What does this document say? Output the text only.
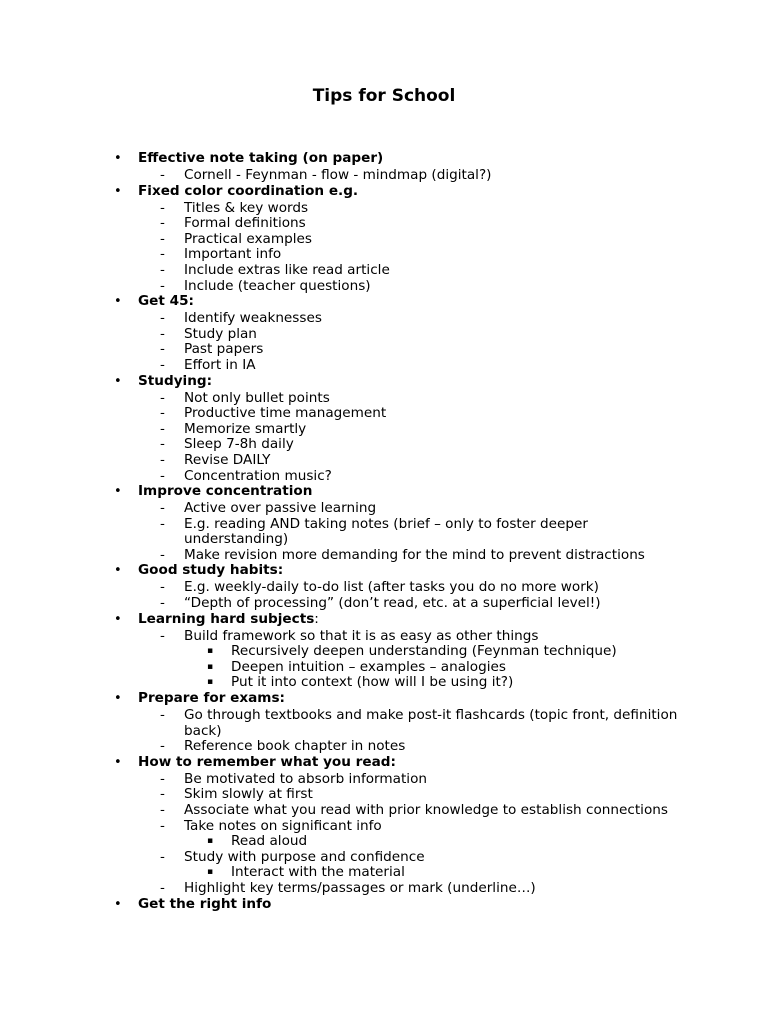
Tips for School
• Effective note taking (on paper)
- Cornell - Feynman - flow - mindmap (digital?)
• Fixed color coordination e.g.
- Titles & key words
- Formal definitions
- Practical examples
- Important info
- Include extras like read article
- Include (teacher questions)
• Get 45:
- Identify weaknesses
- Study plan
- Past papers
- Effort in IA
• Studying:
- Not only bullet points
- Productive time management
- Memorize smartly
- Sleep 7-8h daily
- Revise DAILY
- Concentration music?
• Improve concentration
- Active over passive learning
- E.g. reading AND taking notes (brief – only to foster deeper understanding)
- Make revision more demanding for the mind to prevent distractions
• Good study habits:
- E.g. weekly-daily to-do list (after tasks you do no more work)
- “Depth of processing” (don’t read, etc. at a superficial level!)
• Learning hard subjects:
- Build framework so that it is as easy as other things
▪ Recursively deepen understanding (Feynman technique)
▪ Deepen intuition – examples – analogies
▪ Put it into context (how will I be using it?)
• Prepare for exams:
- Go through textbooks and make post-it flashcards (topic front, definition back)
- Reference book chapter in notes
• How to remember what you read:
- Be motivated to absorb information
- Skim slowly at first
- Associate what you read with prior knowledge to establish connections
- Take notes on significant info
▪ Read aloud
- Study with purpose and confidence
▪ Interact with the material
- Highlight key terms/passages or mark (underline…)
• Get the right info
